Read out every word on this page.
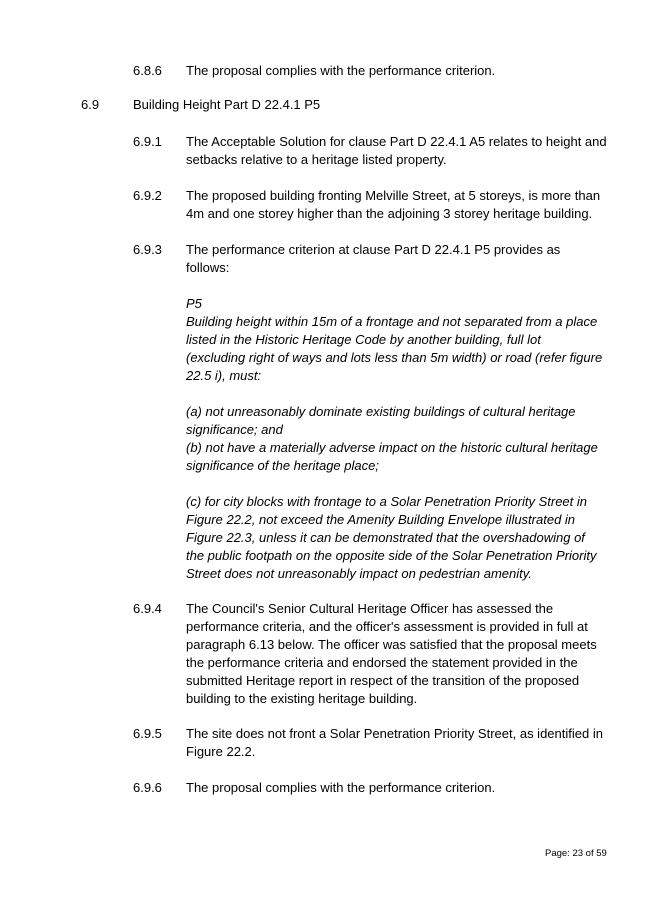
6.8.6 The proposal complies with the performance criterion.

6.9	Building Height Part D 22.4.1 P5
6.9.1 The Acceptable Solution for clause Part D 22.4.1 A5 relates to height and

setbacks relative to a heritage listed property.

6.9.2 The proposed building fronting Melville Street, at 5 storeys, is more than

4m and one storey higher than the adjoining 3 storey heritage building.

6.9.3 The performance criterion at clause Part D 22.4.1 P5 provides as

follows:

P5

Building height within 15m of a frontage and not separated from a place

listed in the Historic Heritage Code by another building, full lot

(excluding right of ways and lots less than 5m width) or road (refer figure

22.5 i), must:

(a) not unreasonably dominate existing buildings of cultural heritage

significance; and

(b) not have a materially adverse impact on the historic cultural heritage

significance of the heritage place;

(c) for city blocks with frontage to a Solar Penetration Priority Street in

Figure 22.2, not exceed the Amenity Building Envelope illustrated in

Figure 22.3, unless it can be demonstrated that the overshadowing of

the public footpath on the opposite side of the Solar Penetration Priority

Street does not unreasonably impact on pedestrian amenity.

6.9.4 The Council's Senior Cultural Heritage Officer has assessed the

performance criteria, and the officer's assessment is provided in full at

paragraph 6.13 below. The officer was satisfied that the proposal meets

the performance criteria and endorsed the statement provided in the

submitted Heritage report in respect of the transition of the proposed

building to the existing heritage building.

6.9.5 The site does not front a Solar Penetration Priority Street, as identified in

Figure 22.2.

6.9.6 The proposal complies with the performance criterion.

Page: 23 of 59
